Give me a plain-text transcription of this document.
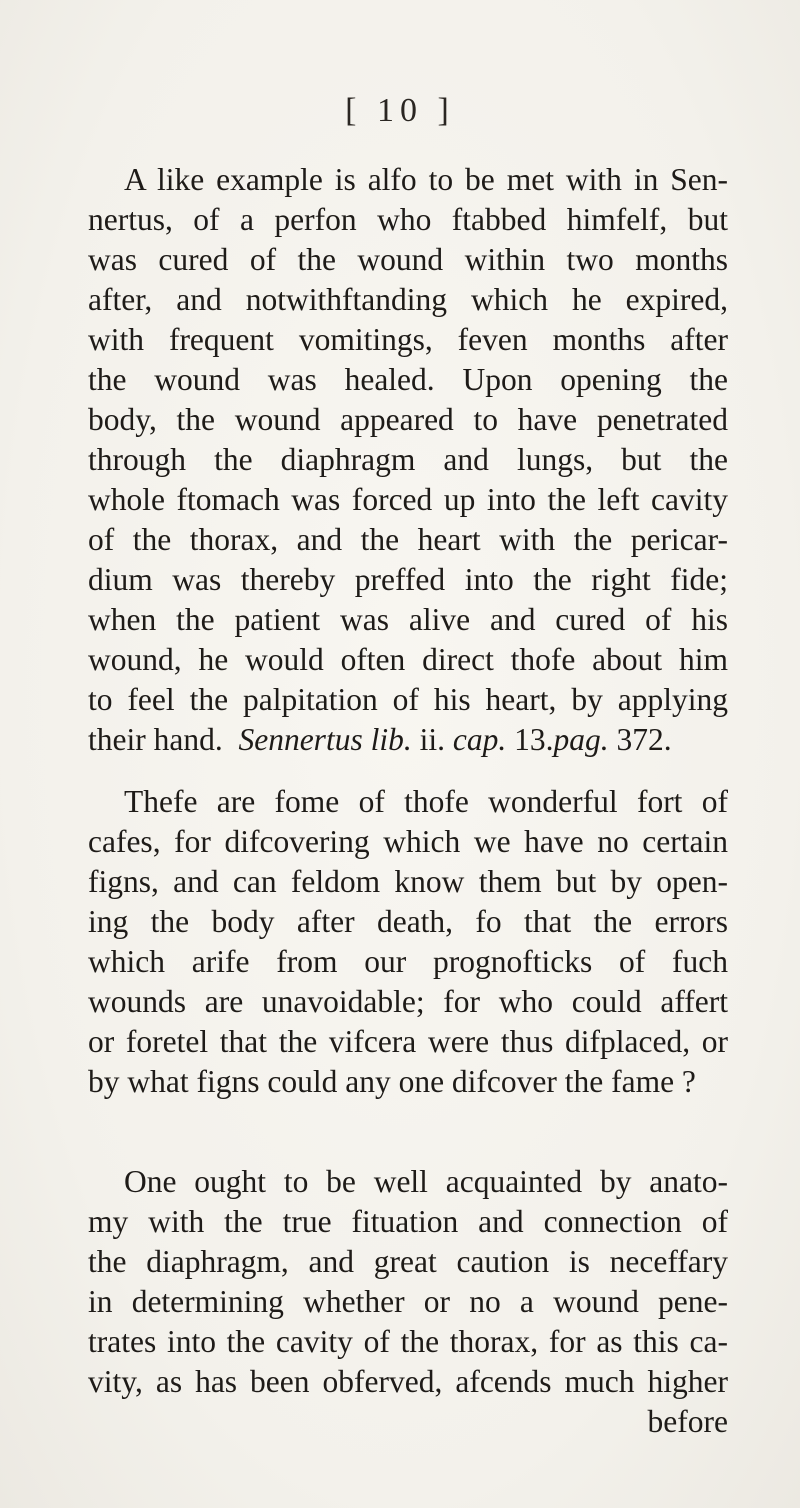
[ 10 ]
A like example is alfo to be met with in Sen-
nertus, of a perfon who ftabbed himfelf, but
was cured of the wound within two months
after, and notwithftanding which he expired,
with frequent vomitings, feven months after
the wound was healed. Upon opening the
body, the wound appeared to have penetrated
through the diaphragm and lungs, but the
whole ftomach was forced up into the left cavity
of the thorax, and the heart with the pericar-
dium was thereby preffed into the right fide;
when the patient was alive and cured of his
wound, he would often direct thofe about him
to feel the palpitation of his heart, by applying
their hand. Sennertus lib. ii. cap. 13.pag. 372.
Thefe are fome of thofe wonderful fort of
cafes, for difcovering which we have no certain
figns, and can feldom know them but by open-
ing the body after death, fo that the errors
which arife from our prognofticks of fuch
wounds are unavoidable; for who could affert
or foretel that the vifcera were thus difplaced, or
by what figns could any one difcover the fame ?
One ought to be well acquainted by anato-
my with the true fituation and connection of
the diaphragm, and great caution is neceffary
in determining whether or no a wound pene-
trates into the cavity of the thorax, for as this ca-
vity, as has been obferved, afcends much higher
before
